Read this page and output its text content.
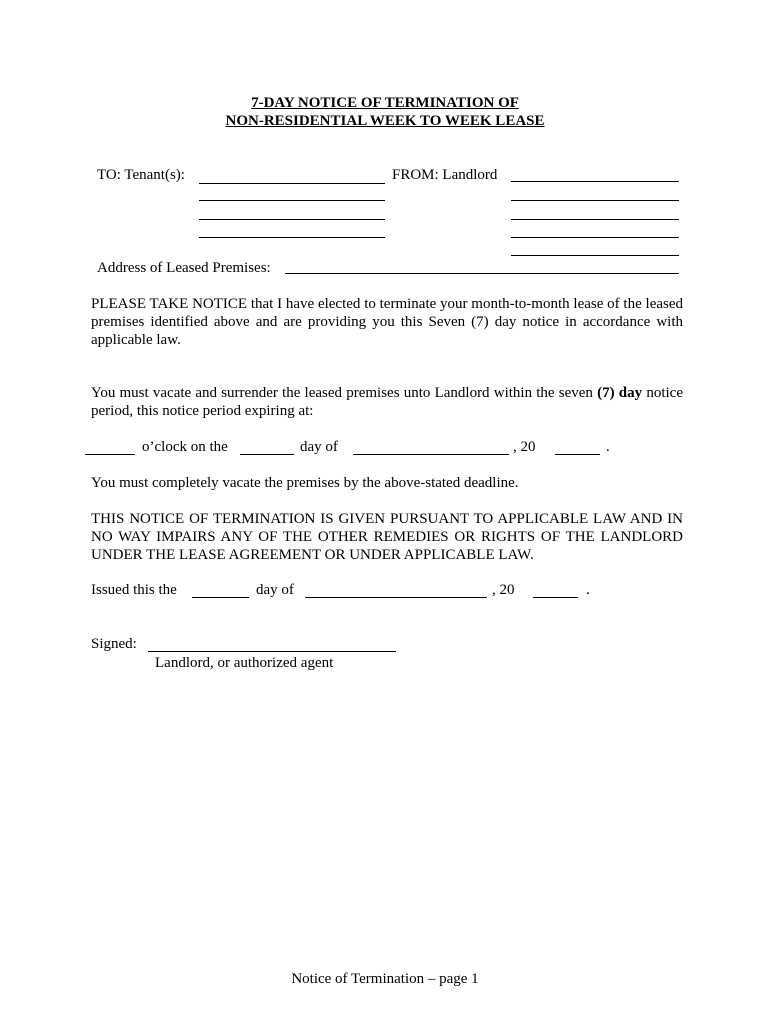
7-DAY NOTICE OF TERMINATION OF
NON-RESIDENTIAL WEEK TO WEEK LEASE
TO: Tenant(s):	FROM: Landlord
Address of Leased Premises:
PLEASE TAKE NOTICE that I have elected to terminate your month-to-month lease of the leased premises identified above and are providing you this Seven (7) day notice in accordance with applicable law.
You must vacate and surrender the leased premises unto Landlord within the seven (7) day notice period, this notice period expiring at:
o’clock on the	day of	, 20	.
You must completely vacate the premises by the above-stated deadline.
THIS NOTICE OF TERMINATION IS GIVEN PURSUANT TO APPLICABLE LAW AND IN NO WAY IMPAIRS ANY OF THE OTHER REMEDIES OR RIGHTS OF THE LANDLORD UNDER THE LEASE AGREEMENT OR UNDER APPLICABLE LAW.
Issued this the	day of	, 20	.
Signed:
Landlord, or authorized agent
Notice of Termination – page 1
